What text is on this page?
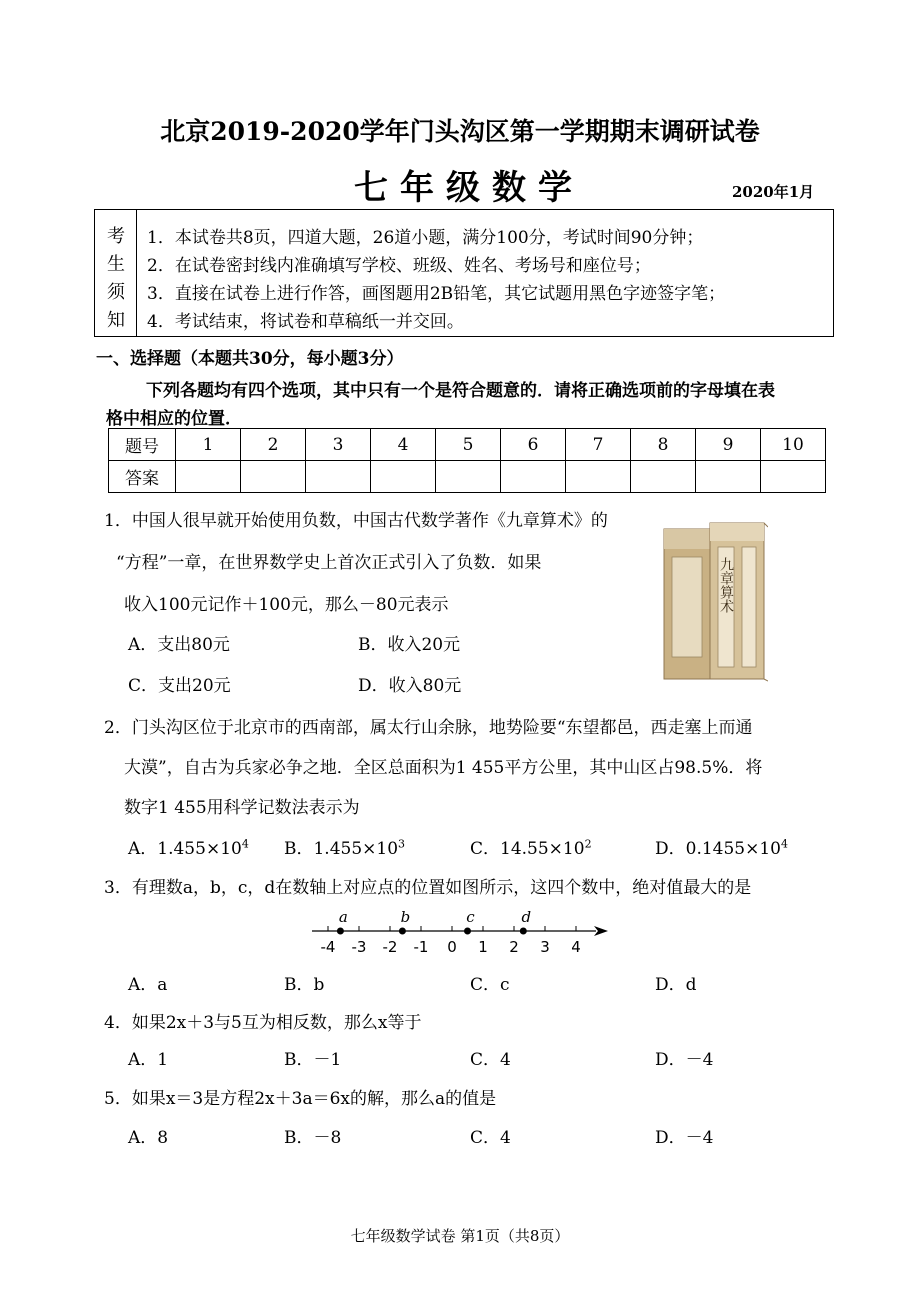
北京2019-2020学年门头沟区第一学期期末调研试卷
七年级数学	2020年1月
考
生
须
知
1．本试卷共8页，四道大题，26道小题，满分100分，考试时间90分钟；
2．在试卷密封线内准确填写学校、班级、姓名、考场号和座位号；
3．直接在试卷上进行作答，画图题用2B铅笔，其它试题用黑色字迹签字笔；
4．考试结束，将试卷和草稿纸一并交回。
一、选择题（本题共30分，每小题3分）
下列各题均有四个选项，其中只有一个是符合题意的．请将正确选项前的字母填在表
格中相应的位置．
题号	1	2	3	4	5	6	7	8	9	10
答案										
1．中国人很早就开始使用负数，中国古代数学著作《九章算术》的
“方程”一章，在世界数学史上首次正式引入了负数．如果
收入100元记作＋100元，那么－80元表示
A．支出80元	B．收入20元
C．支出20元	D．收入80元
九章算术
2．门头沟区位于北京市的西南部，属太行山余脉，地势险要“东望都邑，西走塞上而通
大漠”，自古为兵家必争之地．全区总面积为1 455平方公里，其中山区占98.5%．将
数字1 455用科学记数法表示为
A．$1.455\times 10^4$ B．$1.455\times 10^3$	C．$14.55\times 10^2$	D．$0.1455\times 10^4$
3．有理数a，b，c，d在数轴上对应点的位置如图所示，这四个数中，绝对值最大的是
-4 -3 -2 -1 0 1 2 3 4
a	b	c	d
A．a	B．b	C．c	D．d
4．如果2x＋3与5互为相反数，那么x等于
A．1	B．－1	C．4	D．－4
5．如果x＝3是方程2x＋3a＝6x的解，那么a的值是
A．8	B．－8	C．4	D．－4
七年级数学试卷 第1页（共8页）
